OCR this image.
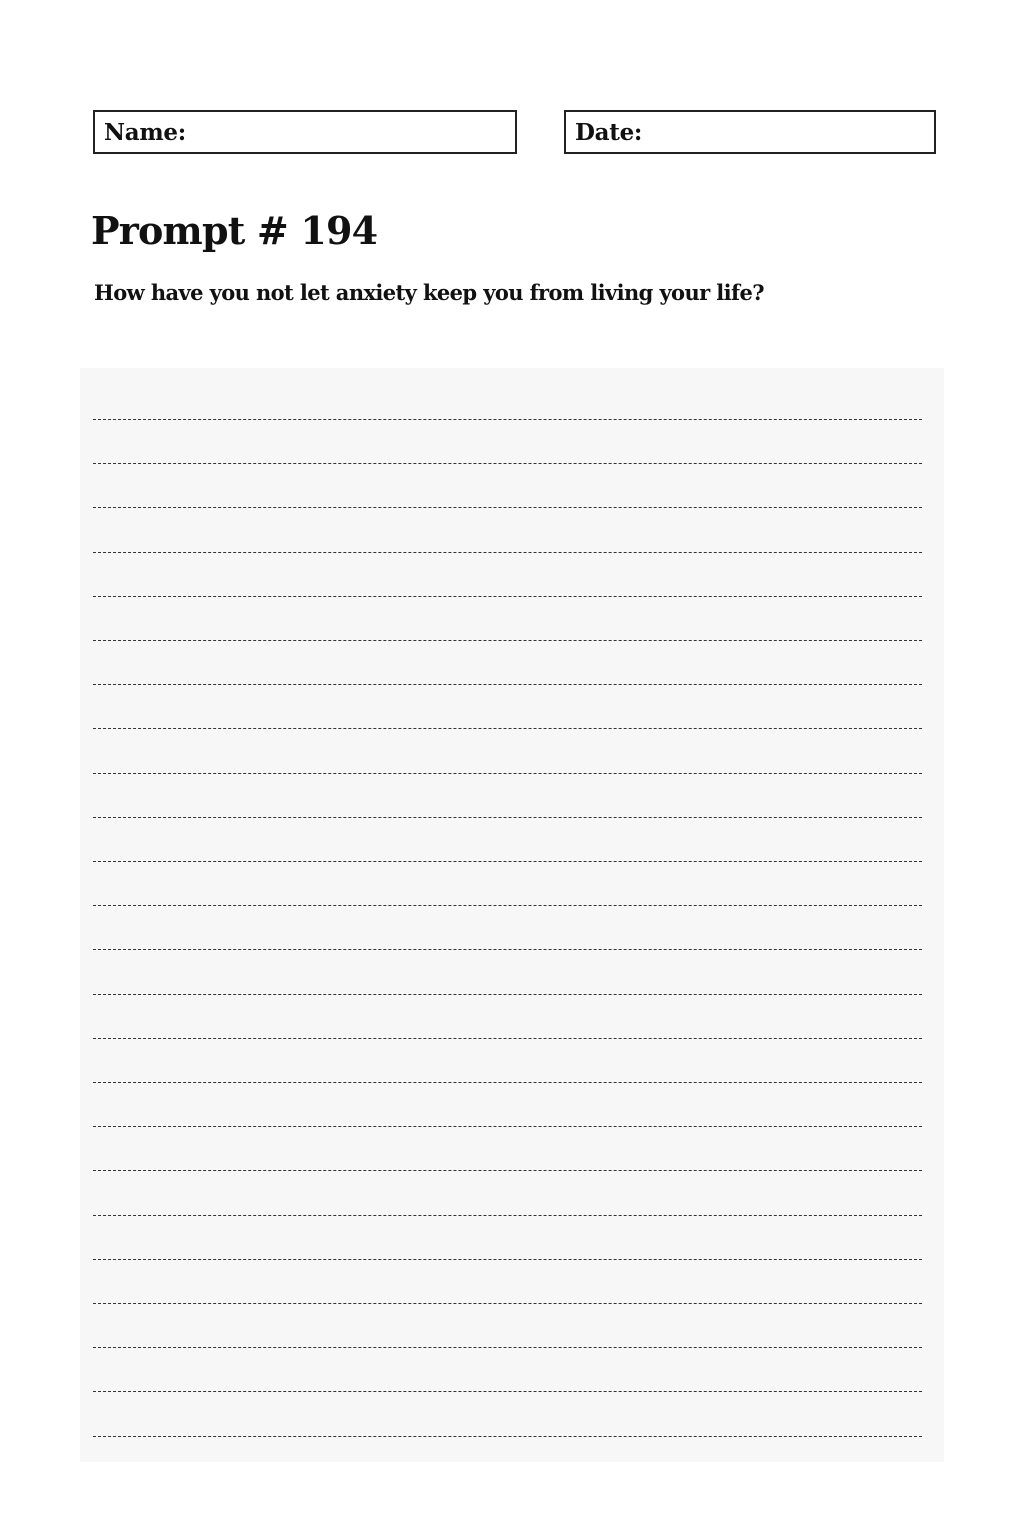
Name:	Date:
Prompt # 194

How have you not let anxiety keep you from living your life?
